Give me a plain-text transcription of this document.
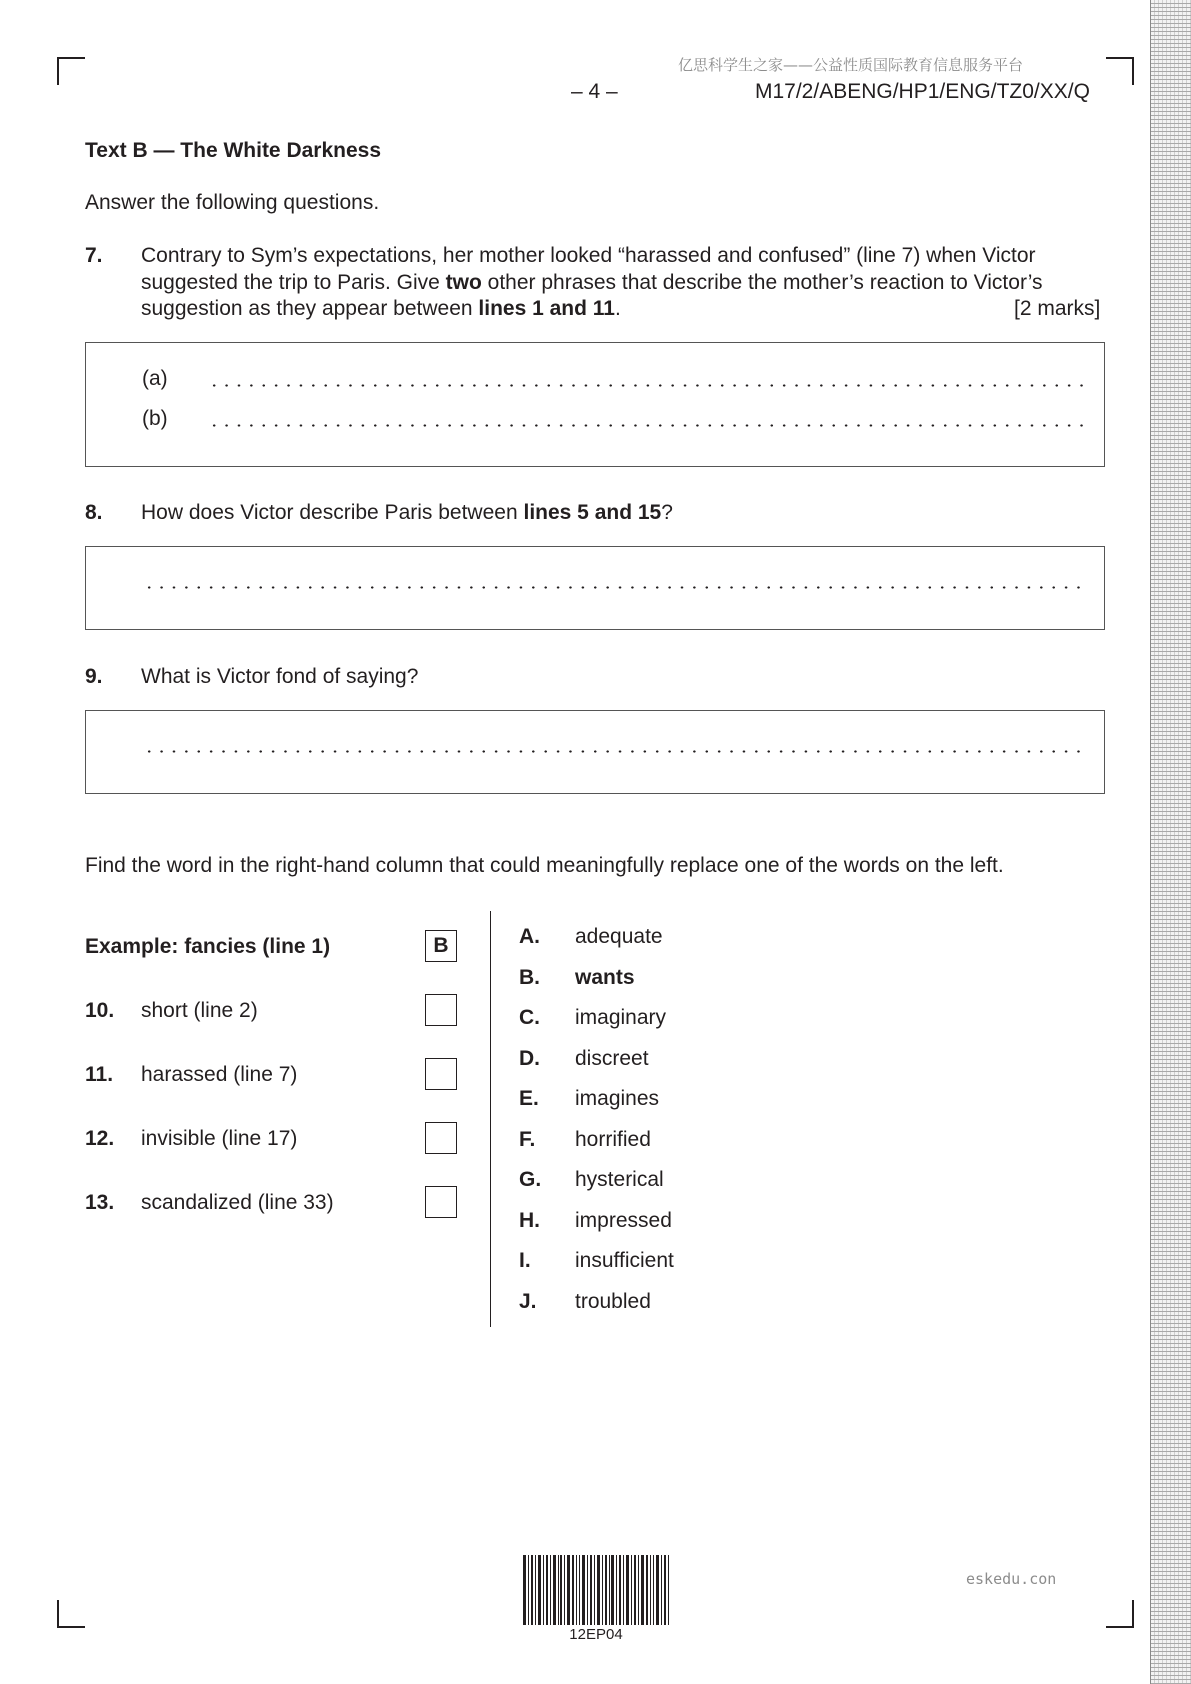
亿思科学生之家——公益性质国际教育信息服务平台
– 4 –	M17/2/ABENG/HP1/ENG/TZ0/XX/Q
Text B — The White Darkness
Answer the following questions.
7. Contrary to Sym’s expectations, her mother looked “harassed and confused” (line 7) when Victor
suggested the trip to Paris. Give two other phrases that describe the mother’s reaction to Victor’s
suggestion as they appear between lines 1 and 11.	[2 marks]
(a)
(b)
8. How does Victor describe Paris between lines 5 and 15?
9. What is Victor fond of saying?
Find the word in the right-hand column that could meaningfully replace one of the words on the left.
Example: fancies (line 1)	B
10. short (line 2)
11. harassed (line 7)
12. invisible (line 17)
13. scandalized (line 33)
A. adequate
B. wants
C. imaginary
D. discreet
E. imagines
F. horrified
G. hysterical
H. impressed
I. insufficient
J. troubled
12EP04
eskedu.con
